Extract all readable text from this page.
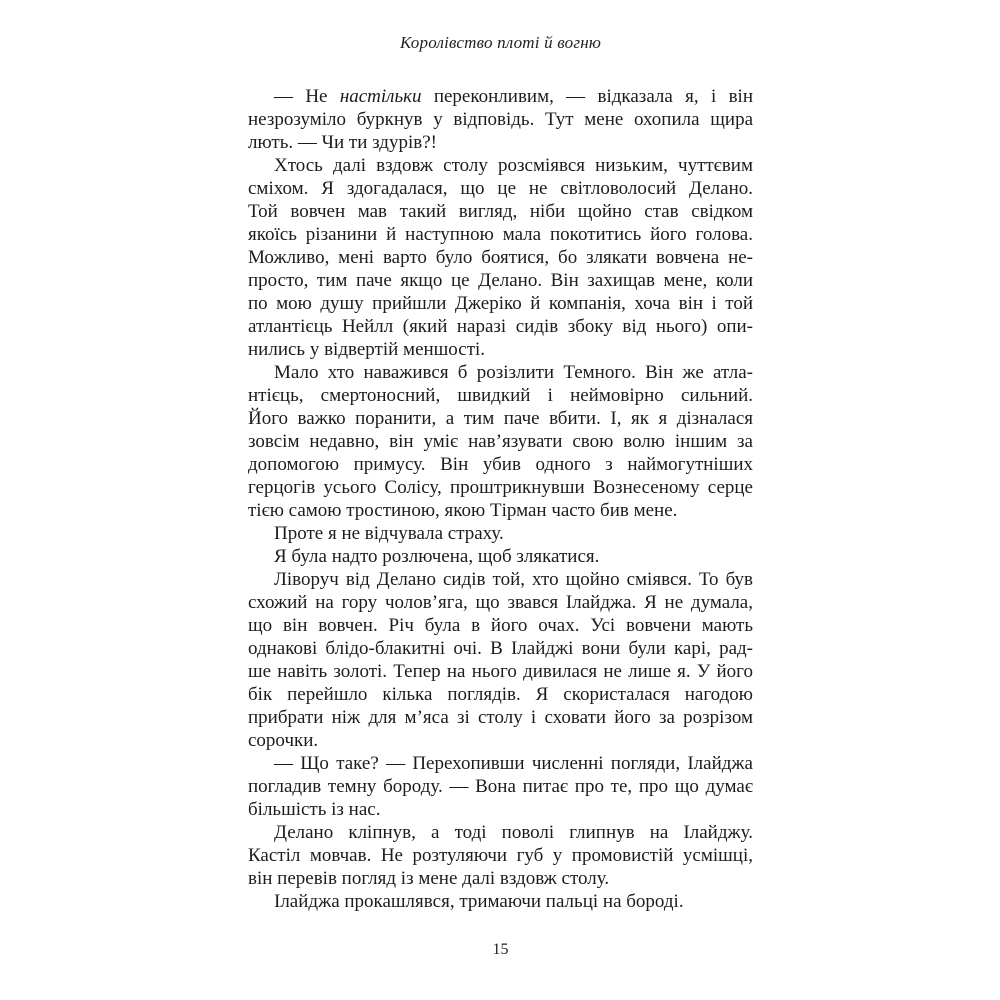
Королівство плоті й вогню
— Не настільки переконливим, — відказала я, і він
незрозуміло буркнув у відповідь. Тут мене охопила щира
лють. — Чи ти здурів?!
Хтось далі вздовж столу розсміявся низьким, чуттєвим
сміхом. Я здогадалася, що це не світловолосий Делано.
Той вовчен мав такий вигляд, ніби щойно став свідком
якоїсь різанини й наступною мала покотитись його голова.
Можливо, мені варто було боятися, бо злякати вовчена не-
просто, тим паче якщо це Делано. Він захищав мене, коли
по мою душу прийшли Джеріко й компанія, хоча він і той
атлантієць Нейлл (який наразі сидів збоку від нього) опи-
нились у відвертій меншості.
Мало хто наважився б розізлити Темного. Він же атла-
нтієць, смертоносний, швидкий і неймовірно сильний.
Його важко поранити, а тим паче вбити. І, як я дізналася
зовсім недавно, він уміє нав’язувати свою волю іншим за
допомогою примусу. Він убив одного з наймогутніших
герцогів усього Солісу, проштрикнувши Вознесеному серце
тією самою тростиною, якою Тірман часто бив мене.
Проте я не відчувала страху.
Я була надто розлючена, щоб злякатися.
Ліворуч від Делано сидів той, хто щойно сміявся. То був
схожий на гору чолов’яга, що звався Ілайджа. Я не думала,
що він вовчен. Річ була в його очах. Усі вовчени мають
однакові блідо-блакитні очі. В Ілайджі вони були карі, рад-
ше навіть золоті. Тепер на нього дивилася не лише я. У його
бік перейшло кілька поглядів. Я скористалася нагодою
прибрати ніж для м’яса зі столу і сховати його за розрізом
сорочки.
— Що таке? — Перехопивши численні погляди, Ілайджа
погладив темну бороду. — Вона питає про те, про що думає
більшість із нас.
Делано кліпнув, а тоді поволі глипнув на Ілайджу.
Кастіл мовчав. Не розтуляючи губ у промовистій усмішці,
він перевів погляд із мене далі вздовж столу.
Ілайджа прокашлявся, тримаючи пальці на бороді.
15
